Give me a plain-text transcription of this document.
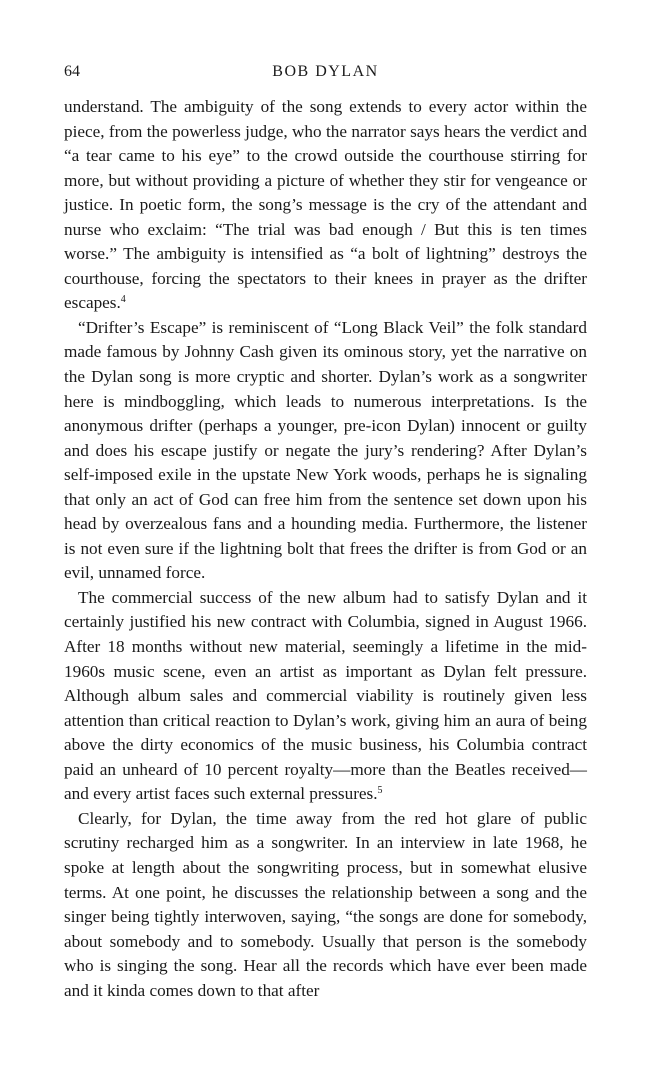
64	BOB DYLAN

understand. The ambiguity of the song extends to every actor within the piece, from the powerless judge, who the narrator says hears the verdict and “a tear came to his eye” to the crowd outside the courthouse stirring for more, but without providing a picture of whether they stir for vengeance or justice. In poetic form, the song’s message is the cry of the attendant and nurse who exclaim: “The trial was bad enough / But this is ten times worse.” The ambiguity is intensified as “a bolt of lightning” destroys the courthouse, forcing the spectators to their knees in prayer as the drifter escapes.$^4$

“Drifter’s Escape” is reminiscent of “Long Black Veil” the folk standard made famous by Johnny Cash given its ominous story, yet the narrative on the Dylan song is more cryptic and shorter. Dylan’s work as a songwriter here is mindboggling, which leads to numerous interpretations. Is the anonymous drifter (perhaps a younger, pre-icon Dylan) innocent or guilty and does his escape justify or negate the jury’s rendering? After Dylan’s self-imposed exile in the upstate New York woods, perhaps he is signaling that only an act of God can free him from the sentence set down upon his head by overzealous fans and a hounding media. Furthermore, the listener is not even sure if the lightning bolt that frees the drifter is from God or an evil, unnamed force.

The commercial success of the new album had to satisfy Dylan and it certainly justified his new contract with Columbia, signed in August 1966. After 18 months without new material, seemingly a lifetime in the mid-1960s music scene, even an artist as important as Dylan felt pressure. Although album sales and commercial viability is routinely given less attention than critical reaction to Dylan’s work, giving him an aura of being above the dirty economics of the music business, his Columbia contract paid an unheard of 10 percent royalty—more than the Beatles received—and every artist faces such external pressures.$^5$

Clearly, for Dylan, the time away from the red hot glare of public scrutiny recharged him as a songwriter. In an interview in late 1968, he spoke at length about the songwriting process, but in somewhat elusive terms. At one point, he discusses the relationship between a song and the singer being tightly interwoven, saying, “the songs are done for somebody, about somebody and to somebody. Usually that person is the somebody who is singing the song. Hear all the records which have ever been made and it kinda comes down to that after
